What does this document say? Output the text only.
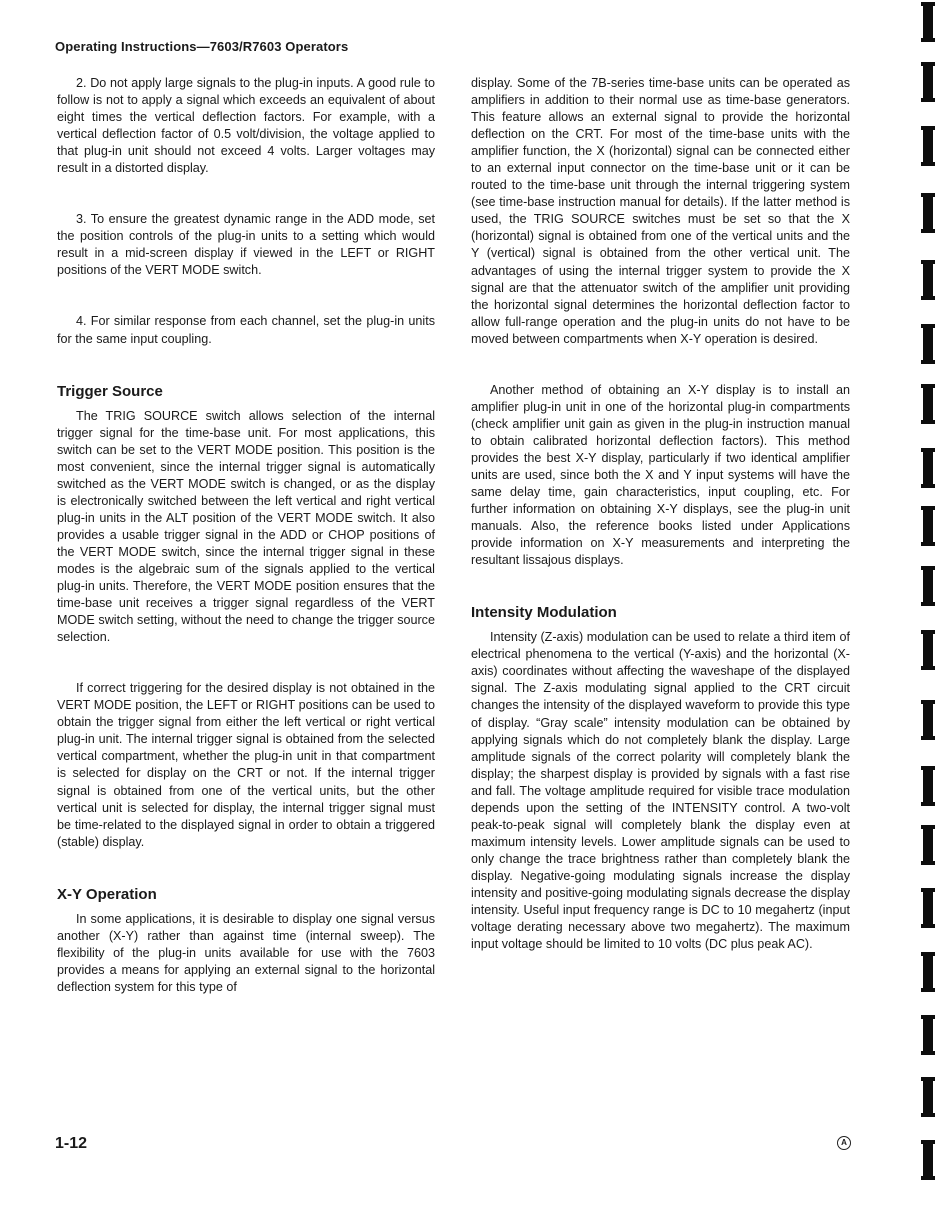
Operating Instructions—7603/R7603 Operators

2. Do not apply large signals to the plug-in inputs. A good rule to follow is not to apply a signal which exceeds an equivalent of about eight times the vertical deflection factors. For example, with a vertical deflection factor of 0.5 volt/division, the voltage applied to that plug-in unit should not exceed 4 volts. Larger voltages may result in a distorted display.

3. To ensure the greatest dynamic range in the ADD mode, set the position controls of the plug-in units to a setting which would result in a mid-screen display if viewed in the LEFT or RIGHT positions of the VERT MODE switch.

4. For similar response from each channel, set the plug-in units for the same input coupling.

Trigger Source

The TRIG SOURCE switch allows selection of the internal trigger signal for the time-base unit. For most applications, this switch can be set to the VERT MODE position. This position is the most convenient, since the internal trigger signal is automatically switched as the VERT MODE switch is changed, or as the display is electronically switched between the left vertical and right vertical plug-in units in the ALT position of the VERT MODE switch. It also provides a usable trigger signal in the ADD or CHOP positions of the VERT MODE switch, since the internal trigger signal in these modes is the algebraic sum of the signals applied to the vertical plug-in units. Therefore, the VERT MODE position ensures that the time-base unit receives a trigger signal regardless of the VERT MODE switch setting, without the need to change the trigger source selection.

If correct triggering for the desired display is not obtained in the VERT MODE position, the LEFT or RIGHT positions can be used to obtain the trigger signal from either the left vertical or right vertical plug-in unit. The internal trigger signal is obtained from the selected vertical compartment, whether the plug-in unit in that compartment is selected for display on the CRT or not. If the internal trigger signal is obtained from one of the vertical units, but the other vertical unit is selected for display, the internal trigger signal must be time-related to the displayed signal in order to obtain a triggered (stable) display.

X-Y Operation

In some applications, it is desirable to display one signal versus another (X-Y) rather than against time (internal sweep). The flexibility of the plug-in units available for use with the 7603 provides a means for applying an external signal to the horizontal deflection system for this type of

display. Some of the 7B-series time-base units can be operated as amplifiers in addition to their normal use as time-base generators. This feature allows an external signal to provide the horizontal deflection on the CRT. For most of the time-base units with the amplifier function, the X (horizontal) signal can be connected either to an external input connector on the time-base unit or it can be routed to the time-base unit through the internal triggering system (see time-base instruction manual for details). If the latter method is used, the TRIG SOURCE switches must be set so that the X (horizontal) signal is obtained from one of the vertical units and the Y (vertical) signal is obtained from the other vertical unit. The advantages of using the internal trigger system to provide the X signal are that the attenuator switch of the amplifier unit providing the horizontal signal determines the horizontal deflection factor to allow full-range operation and the plug-in units do not have to be moved between compartments when X-Y operation is desired.

Another method of obtaining an X-Y display is to install an amplifier plug-in unit in one of the horizontal plug-in compartments (check amplifier unit gain as given in the plug-in instruction manual to obtain calibrated horizontal deflection factors). This method provides the best X-Y display, particularly if two identical amplifier units are used, since both the X and Y input systems will have the same delay time, gain characteristics, input coupling, etc. For further information on obtaining X-Y displays, see the plug-in unit manuals. Also, the reference books listed under Applications provide information on X-Y measurements and interpreting the resultant lissajous displays.

Intensity Modulation

Intensity (Z-axis) modulation can be used to relate a third item of electrical phenomena to the vertical (Y-axis) and the horizontal (X-axis) coordinates without affecting the waveshape of the displayed signal. The Z-axis modulating signal applied to the CRT circuit changes the intensity of the displayed waveform to provide this type of display. “Gray scale” intensity modulation can be obtained by applying signals which do not completely blank the display. Large amplitude signals of the correct polarity will completely blank the display; the sharpest display is provided by signals with a fast rise and fall. The voltage amplitude required for visible trace modulation depends upon the setting of the INTENSITY control. A two-volt peak-to-peak signal will completely blank the display even at maximum intensity levels. Lower amplitude signals can be used to only change the trace brightness rather than completely blank the display. Negative-going modulating signals increase the display intensity and positive-going modulating signals decrease the display intensity. Useful input frequency range is DC to 10 megahertz (input voltage derating necessary above two megahertz). The maximum input voltage should be limited to 10 volts (DC plus peak AC).

1-12	A
